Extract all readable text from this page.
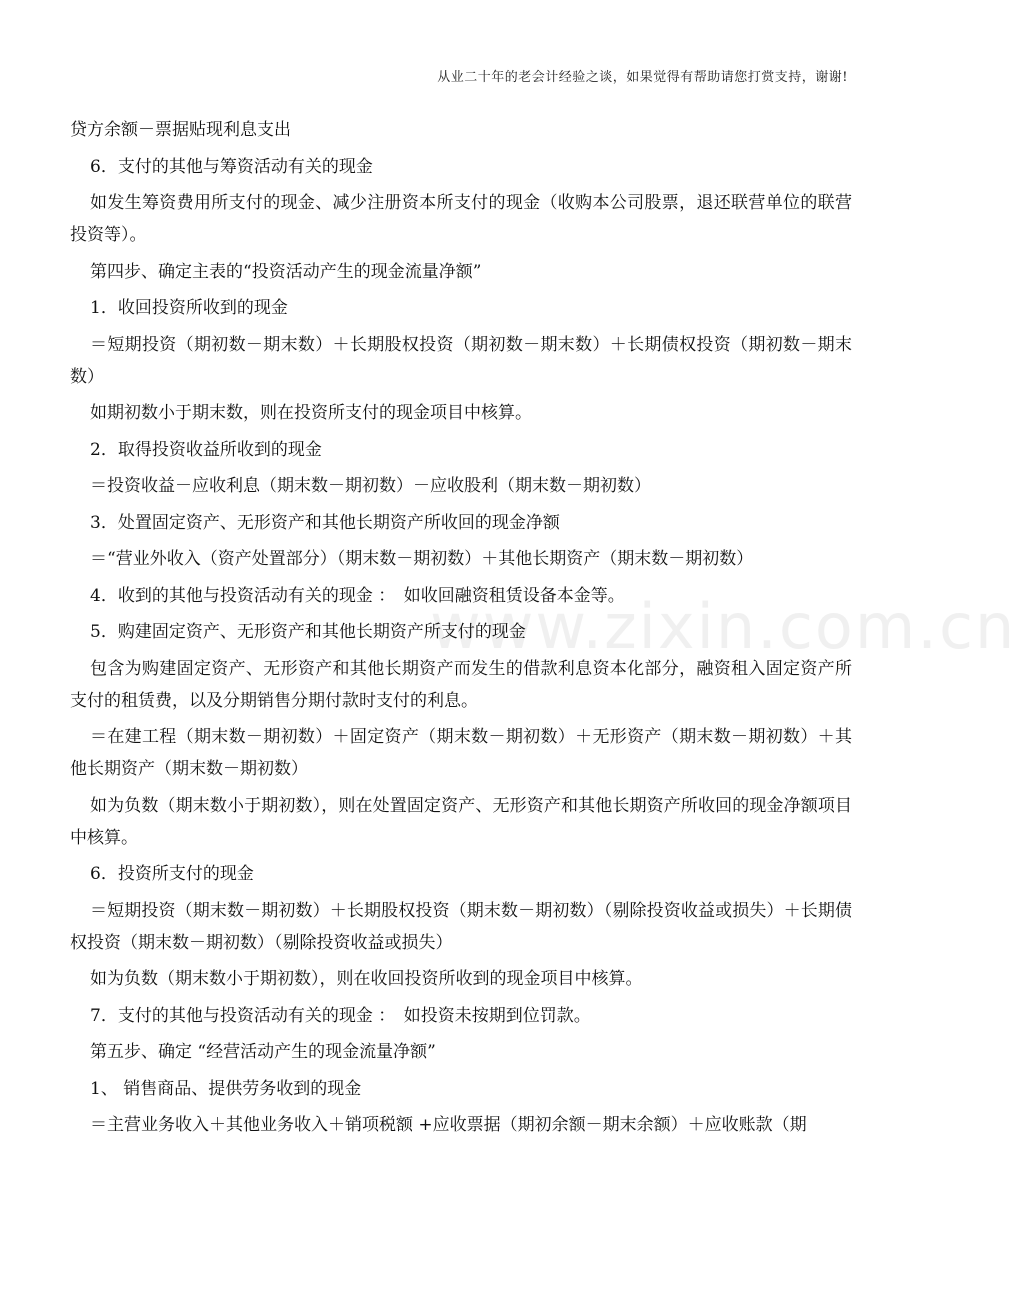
从业二十年的老会计经验之谈，如果觉得有帮助请您打赏支持，谢谢!
www.zixin.com.cn

贷方余额－票据贴现利息支出

6．支付的其他与筹资活动有关的现金

如发生筹资费用所支付的现金、减少注册资本所支付的现金（收购本公司股票，退还联营单位的联营投资等）。

第四步、确定主表的“投资活动产生的现金流量净额”

1．收回投资所收到的现金

＝短期投资（期初数－期末数）＋长期股权投资（期初数－期末数）＋长期债权投资（期初数－期末数）

如期初数小于期末数，则在投资所支付的现金项目中核算。

2．取得投资收益所收到的现金

＝投资收益－应收利息（期末数－期初数）－应收股利（期末数－期初数）

3．处置固定资产、无形资产和其他长期资产所收回的现金净额

＝“营业外收入（资产处置部分）（期末数－期初数）＋其他长期资产（期末数－期初数）

4．收到的其他与投资活动有关的现金 ：　如收回融资租赁设备本金等。

5．购建固定资产、无形资产和其他长期资产所支付的现金

包含为购建固定资产、无形资产和其他长期资产而发生的借款利息资本化部分，融资租入固定资产所支付的租赁费，以及分期销售分期付款时支付的利息。

＝在建工程（期末数－期初数）＋固定资产（期末数－期初数）＋无形资产（期末数－期初数）＋其他长期资产（期末数－期初数）

如为负数（期末数小于期初数），则在处置固定资产、无形资产和其他长期资产所收回的现金净额项目中核算。

6．投资所支付的现金

＝短期投资（期末数－期初数）＋长期股权投资（期末数－期初数）（剔除投资收益或损失）＋长期债权投资（期末数－期初数）（剔除投资收益或损失）

如为负数（期末数小于期初数），则在收回投资所收到的现金项目中核算。

7．支付的其他与投资活动有关的现金 ：　如投资未按期到位罚款。

第五步、确定 “经营活动产生的现金流量净额”

1、 销售商品、提供劳务收到的现金

＝主营业务收入＋其他业务收入＋销项税额 +应收票据（期初余额－期末余额）＋应收账款（期
